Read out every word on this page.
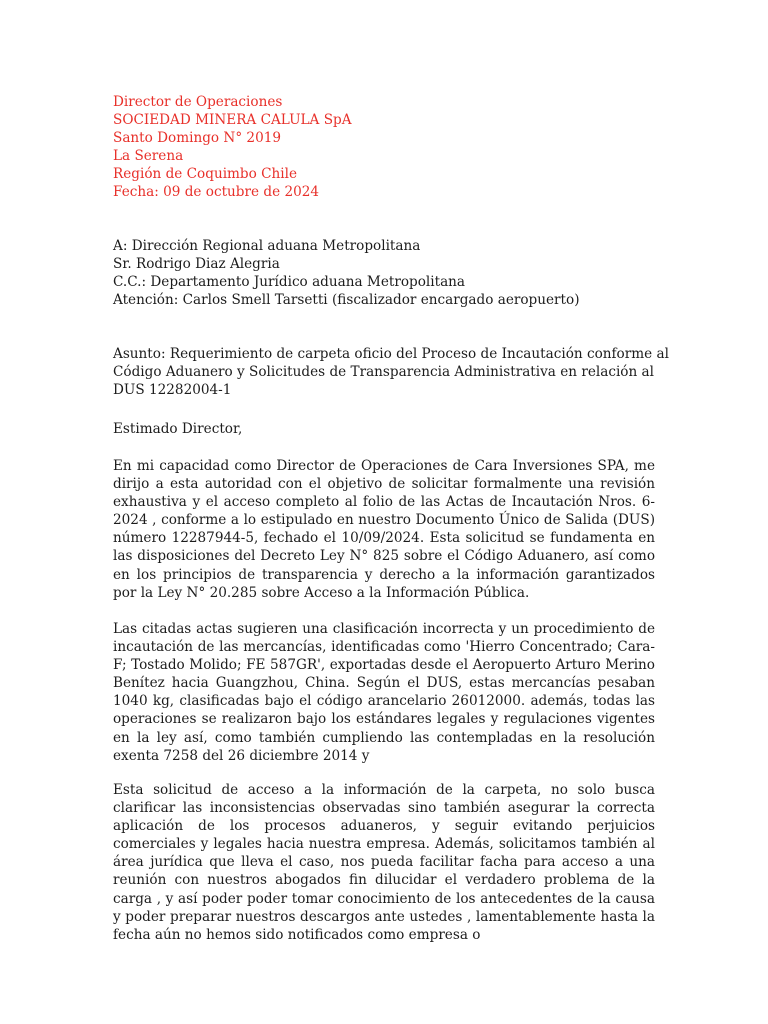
Director de Operaciones
SOCIEDAD MINERA CALULA SpA
Santo Domingo N° 2019
La Serena
Región de Coquimbo Chile
Fecha: 09 de octubre de 2024
A: Dirección Regional aduana Metropolitana
Sr. Rodrigo Diaz Alegria
C.C.: Departamento Jurídico aduana Metropolitana
Atención: Carlos Smell Tarsetti (fiscalizador encargado aeropuerto)
Asunto: Requerimiento de carpeta oficio del Proceso de Incautación conforme al Código Aduanero y Solicitudes de Transparencia Administrativa en relación al DUS 12282004-1
Estimado Director,
En mi capacidad como Director de Operaciones de Cara Inversiones SPA, me dirijo a esta autoridad con el objetivo de solicitar formalmente una revisión exhaustiva y el acceso completo al folio de las Actas de Incautación Nros. 6-2024 , conforme a lo estipulado en nuestro Documento Único de Salida (DUS) número 12287944-5, fechado el 10/09/2024. Esta solicitud se fundamenta en las disposiciones del Decreto Ley N° 825 sobre el Código Aduanero, así como en los principios de transparencia y derecho a la información garantizados por la Ley N° 20.285 sobre Acceso a la Información Pública.
Las citadas actas sugieren una clasificación incorrecta y un procedimiento de incautación de las mercancías, identificadas como 'Hierro Concentrado; Cara-F; Tostado Molido; FE 587GR', exportadas desde el Aeropuerto Arturo Merino Benítez hacia Guangzhou, China. Según el DUS, estas mercancías pesaban 1040 kg, clasificadas bajo el código arancelario 26012000. además, todas las operaciones se realizaron bajo los estándares legales y regulaciones vigentes en la ley así, como también cumpliendo las contempladas en la resolución exenta 7258 del 26 diciembre 2014 y
Esta solicitud de acceso a la información de la carpeta, no solo busca clarificar las inconsistencias observadas sino también asegurar la correcta aplicación de los procesos aduaneros, y seguir evitando perjuicios comerciales y legales hacia nuestra empresa. Además, solicitamos también al área jurídica que lleva el caso, nos pueda facilitar facha para acceso a una reunión con nuestros abogados fin dilucidar el verdadero problema de la carga , y así poder poder tomar conocimiento de los antecedentes de la causa y poder preparar nuestros descargos ante ustedes , lamentablemente hasta la fecha aún no hemos sido notificados como empresa o
